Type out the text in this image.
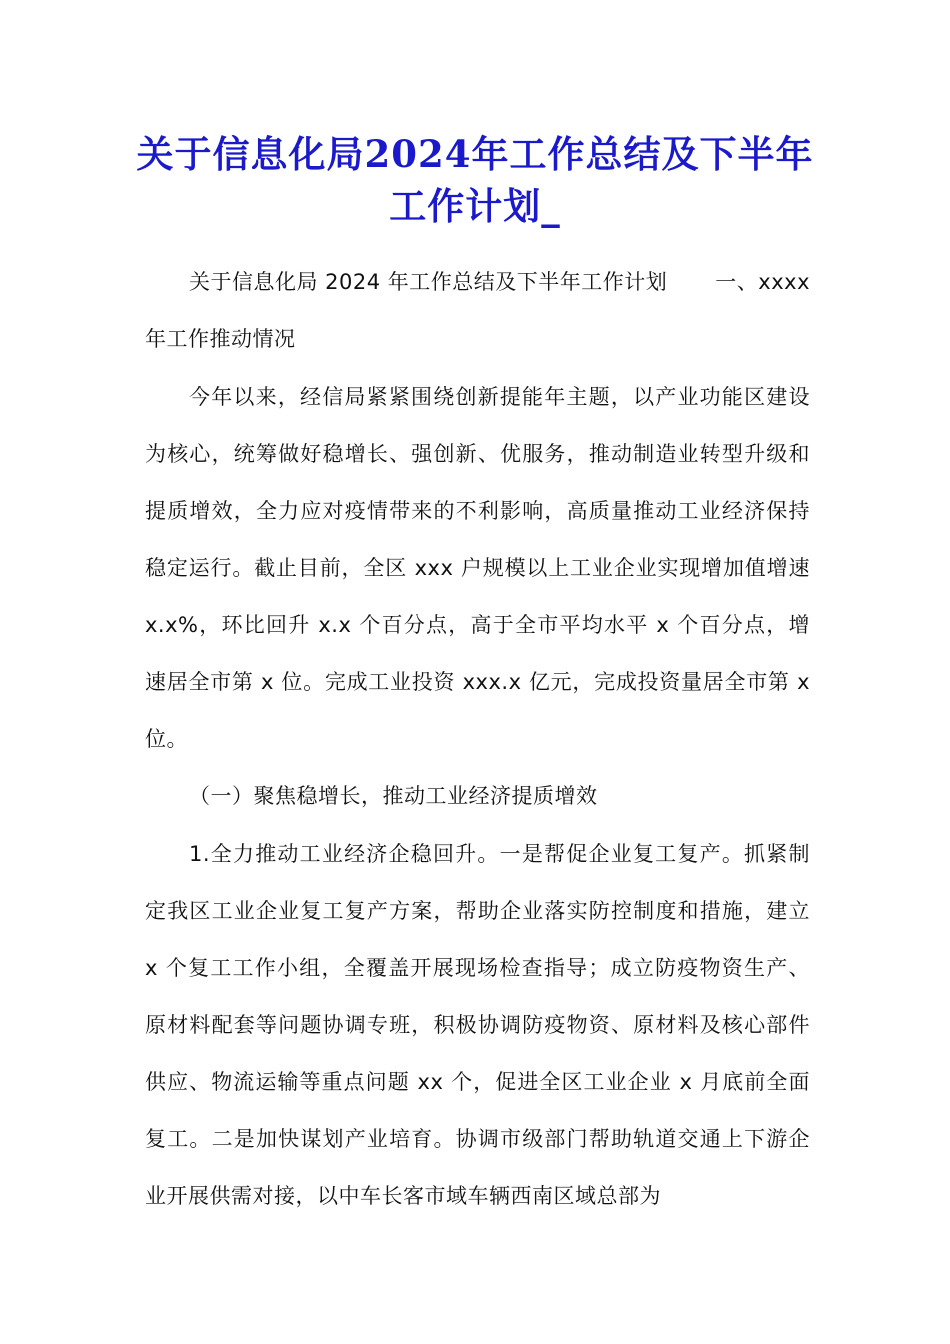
关于信息化局2024年工作总结及下半年工作计划_

关于信息化局 2024 年工作总结及下半年工作计划 一、xxxx 年工作推动情况

今年以来，经信局紧紧围绕创新提能年主题，以产业功能区建设为核心，统筹做好稳增长、强创新、优服务，推动制造业转型升级和提质增效，全力应对疫情带来的不利影响，高质量推动工业经济保持稳定运行。截止目前，全区 xxx 户规模以上工业企业实现增加值增速 x.x%，环比回升 x.x 个百分点，高于全市平均水平 x 个百分点，增速居全市第 x 位。完成工业投资 xxx.x 亿元，完成投资量居全市第 x 位。

（一）聚焦稳增长，推动工业经济提质增效

1.全力推动工业经济企稳回升。一是帮促企业复工复产。抓紧制定我区工业企业复工复产方案，帮助企业落实防控制度和措施，建立 x 个复工工作小组，全覆盖开展现场检查指导；成立防疫物资生产、原材料配套等问题协调专班，积极协调防疫物资、原材料及核心部件供应、物流运输等重点问题 xx 个，促进全区工业企业 x 月底前全面复工。二是加快谋划产业培育。协调市级部门帮助轨道交通上下游企业开展供需对接，以中车长客市域车辆西南区域总部为
